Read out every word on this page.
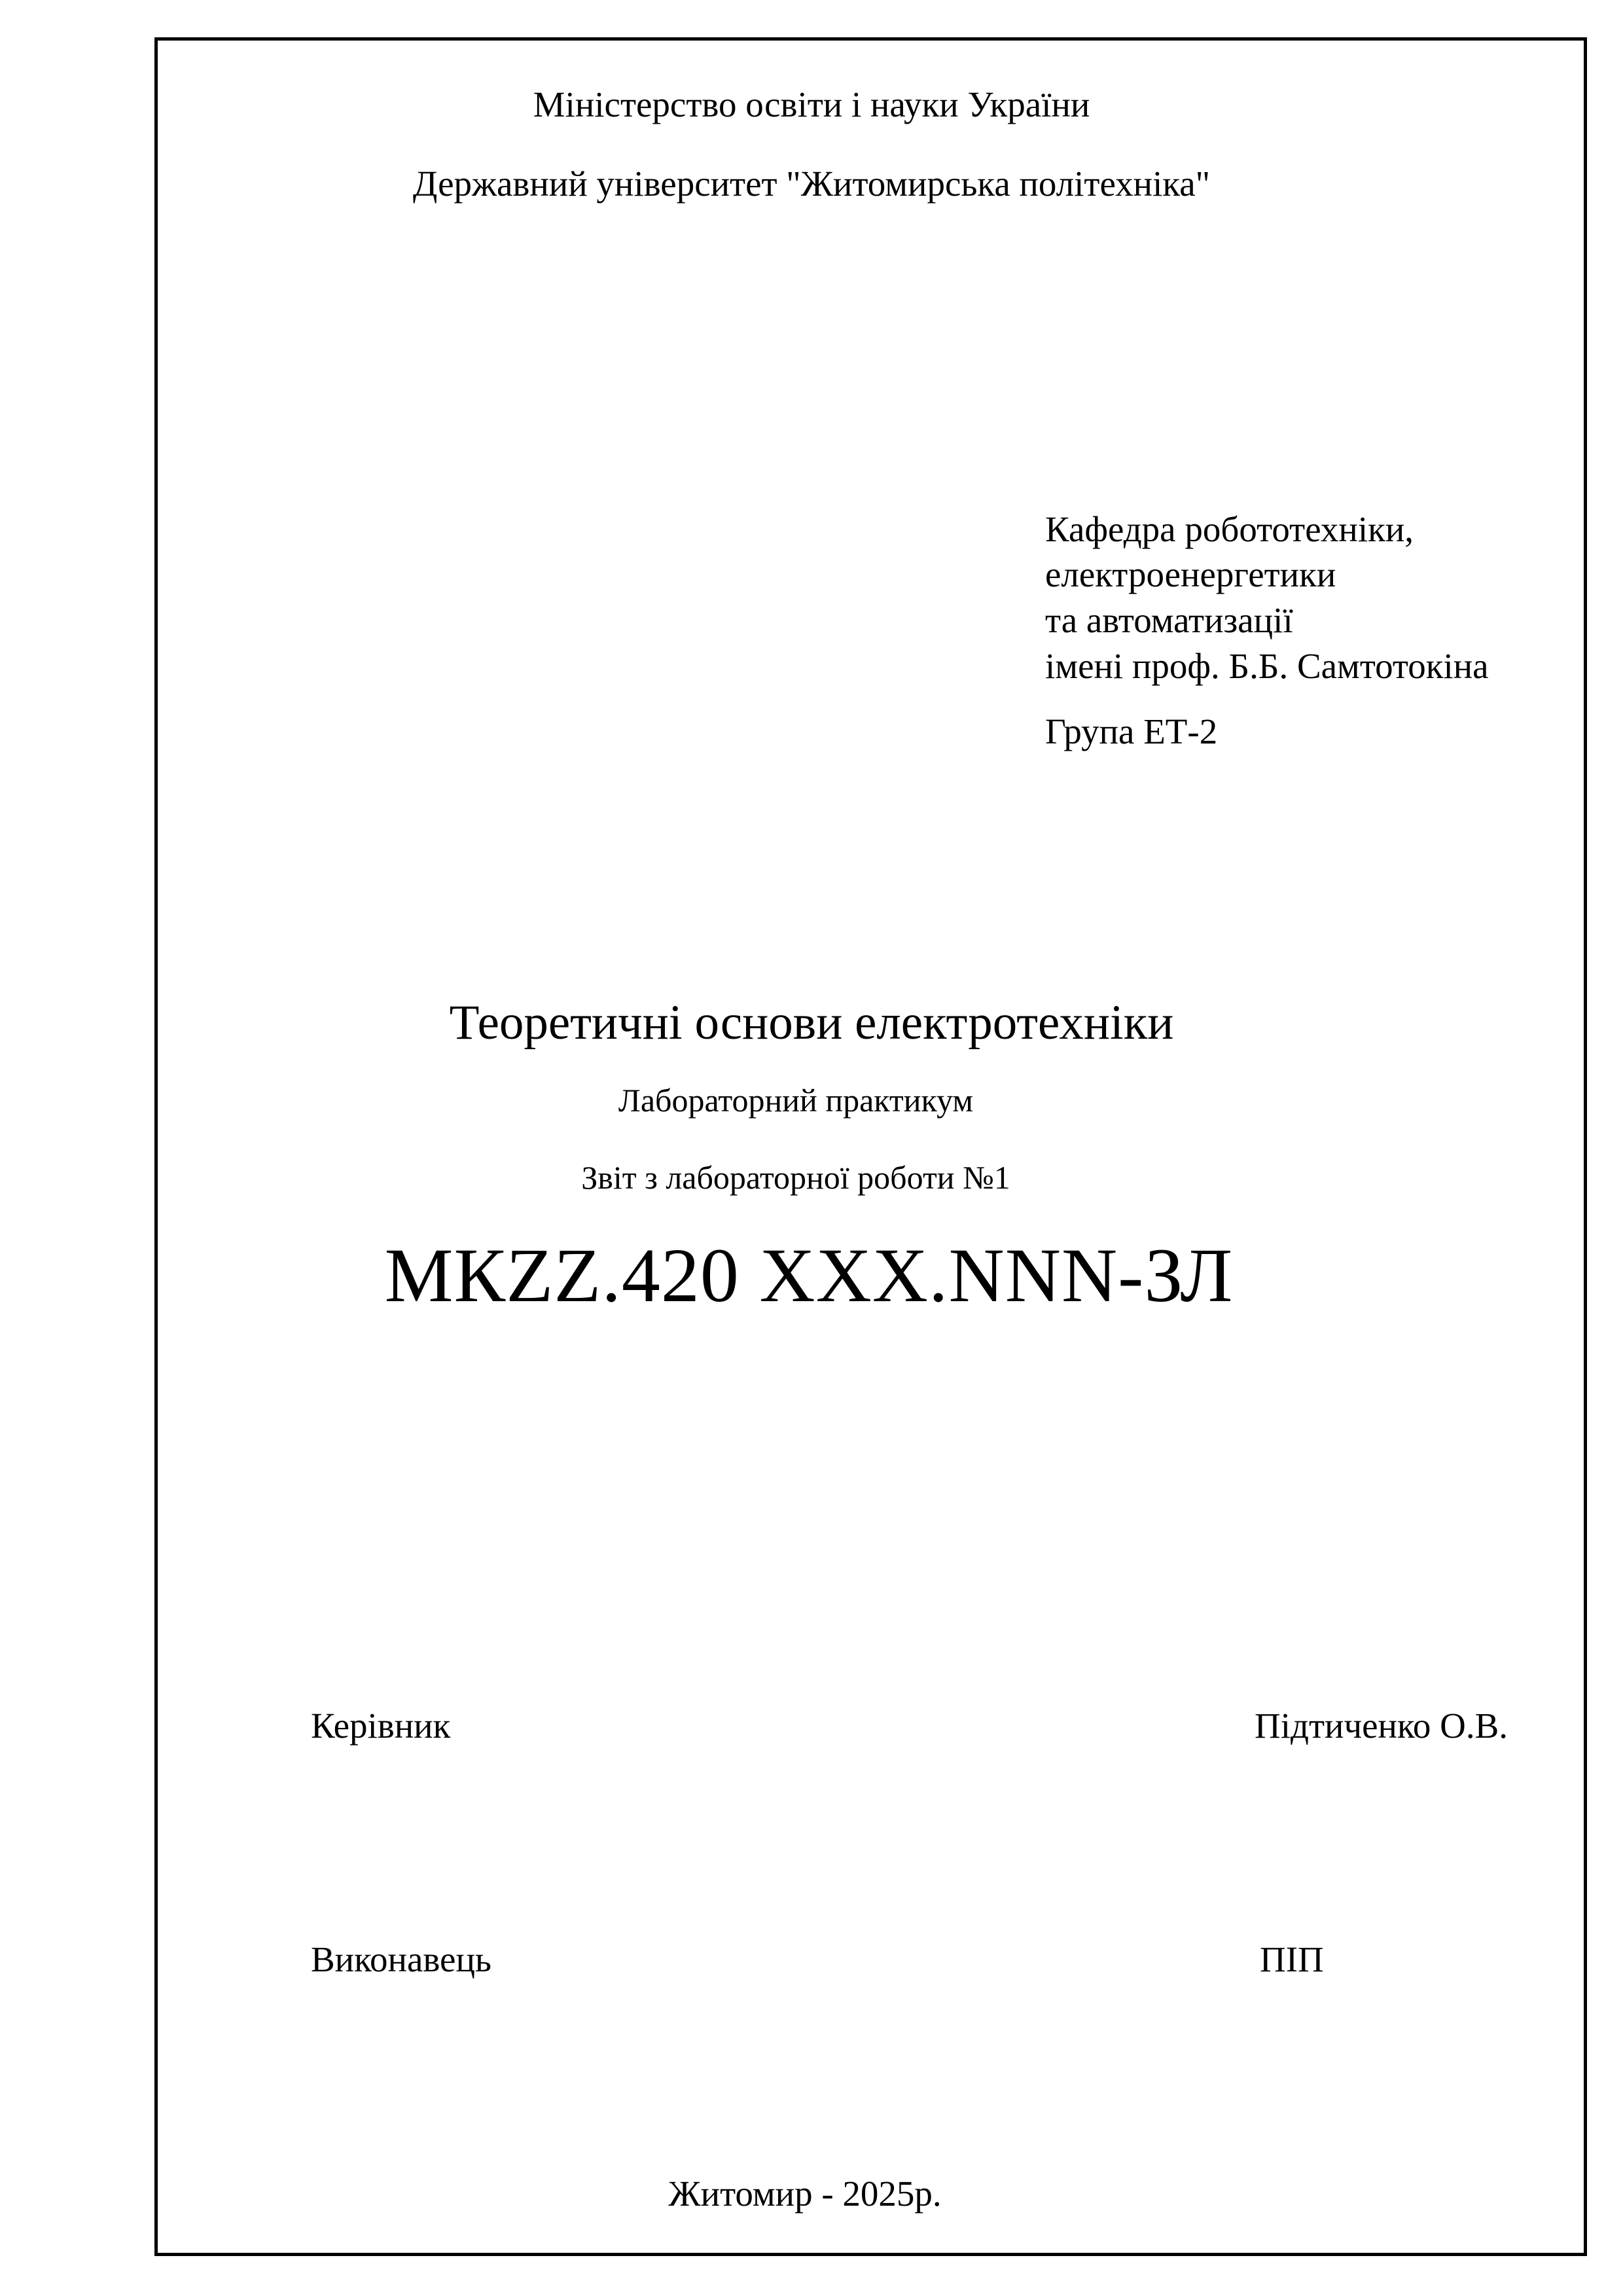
Міністерство освіти і науки України
Державний університет "Житомирська політехніка"
Кафедра робототехніки,
електроенергетики
та автоматизації
імені проф. Б.Б. Самтотокіна
Група ЕТ-2
Теоретичні основи електротехніки
Лабораторний практикум
Звіт з лабораторної роботи №1
МКZZ.420 XXX.NNN-ЗЛ
Керівник	Підтиченко О.В.
Виконавець	ПІП
Житомир - 2025р.
